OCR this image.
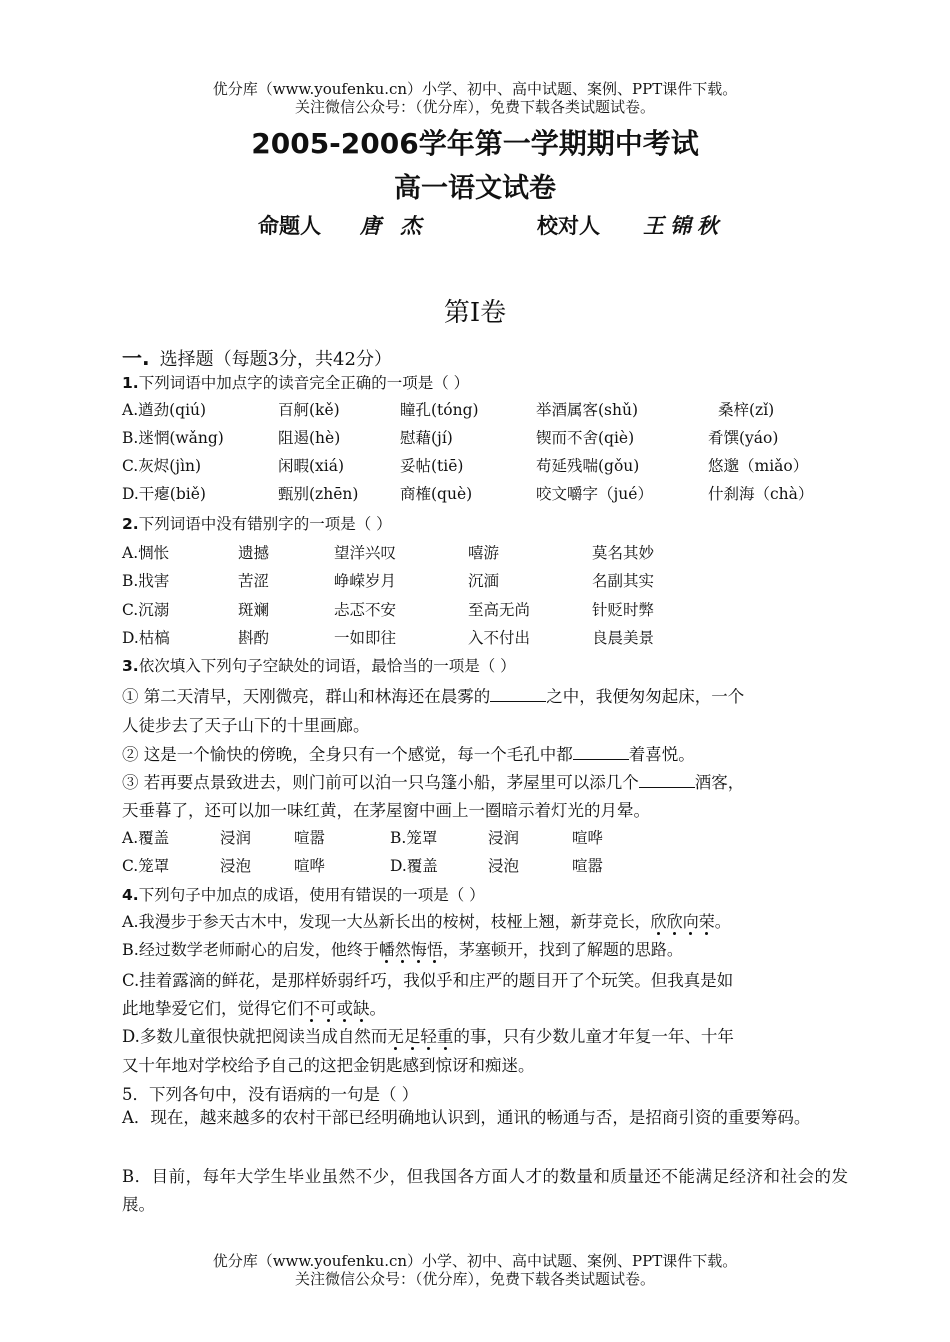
优分库（www.youfenku.cn）小学、初中、高中试题、案例、PPT课件下载。
关注微信公众号：（优分库），免费下载各类试题试卷。
2005-2006学年第一学期期中考试
高一语文试卷
命题人 唐 杰	校对人 王锦秋
第Ⅰ卷
一. 选择题（每题3分，共42分）
1.下列词语中加点字的读音完全正确的一项是（ ）
A.遒劲(qiú)	百舸(kě)	瞳孔(tóng)	举酒属客(shǔ)	桑梓(zǐ)
B.迷惘(wǎng)	阻遏(hè)	慰藉(jí)	锲而不舍(qiè)	肴馔(yáo)
C.灰烬(jìn)	闲暇(xiá)	妥帖(tiē)	苟延残喘(gǒu)	悠邈（miǎo）
D.干瘪(biě)	甄别(zhēn)	商榷(què)	咬文嚼字（jué）	什刹海（chà）
2.下列词语中没有错别字的一项是（ ）
A.惆怅	遗撼	望洋兴叹	嘻游	莫名其妙
B.戕害	苦涩	峥嵘岁月	沉湎	名副其实
C.沉溺	斑斓	忐忑不安	至高无尚	针贬时弊
D.枯槁	斟酌	一如即往	入不付出	良晨美景
3.依次填入下列句子空缺处的词语，最恰当的一项是（ ）
① 第二天清早，天刚微亮，群山和林海还在晨雾的	之中，我便匆匆起床，一个
人徒步去了天子山下的十里画廊。
② 这是一个愉快的傍晚，全身只有一个感觉，每一个毛孔中都	着喜悦。
③ 若再要点景致进去，则门前可以泊一只乌篷小船，茅屋里可以添几个	酒客，
天垂暮了，还可以加一味红黄，在茅屋窗中画上一圈暗示着灯光的月晕。
A.覆盖	浸润	喧嚣	B.笼罩	浸润	喧哗
C.笼罩	浸泡	喧哗	D.覆盖	浸泡	喧嚣
4.下列句子中加点的成语，使用有错误的一项是（ ）
A.我漫步于参天古木中，发现一大丛新长出的桉树，枝桠上翘，新芽竞长，欣欣向荣。
B.经过数学老师耐心的启发，他终于幡然悔悟，茅塞顿开，找到了解题的思路。
C.挂着露滴的鲜花，是那样娇弱纤巧，我似乎和庄严的题目开了个玩笑。但我真是如
此地挚爱它们，觉得它们不可或缺。
D.多数儿童很快就把阅读当成自然而无足轻重的事，只有少数儿童才年复一年、十年
又十年地对学校给予自己的这把金钥匙感到惊讶和痴迷。
5．下列各句中，没有语病的一句是（ ）
A．现在，越来越多的农村干部已经明确地认识到，通讯的畅通与否，是招商引资的重要筹码。
B．目前，每年大学生毕业虽然不少，但我国各方面人才的数量和质量还不能满足经济和社会的发展。
优分库（www.youfenku.cn）小学、初中、高中试题、案例、PPT课件下载。
关注微信公众号：（优分库），免费下载各类试题试卷。
